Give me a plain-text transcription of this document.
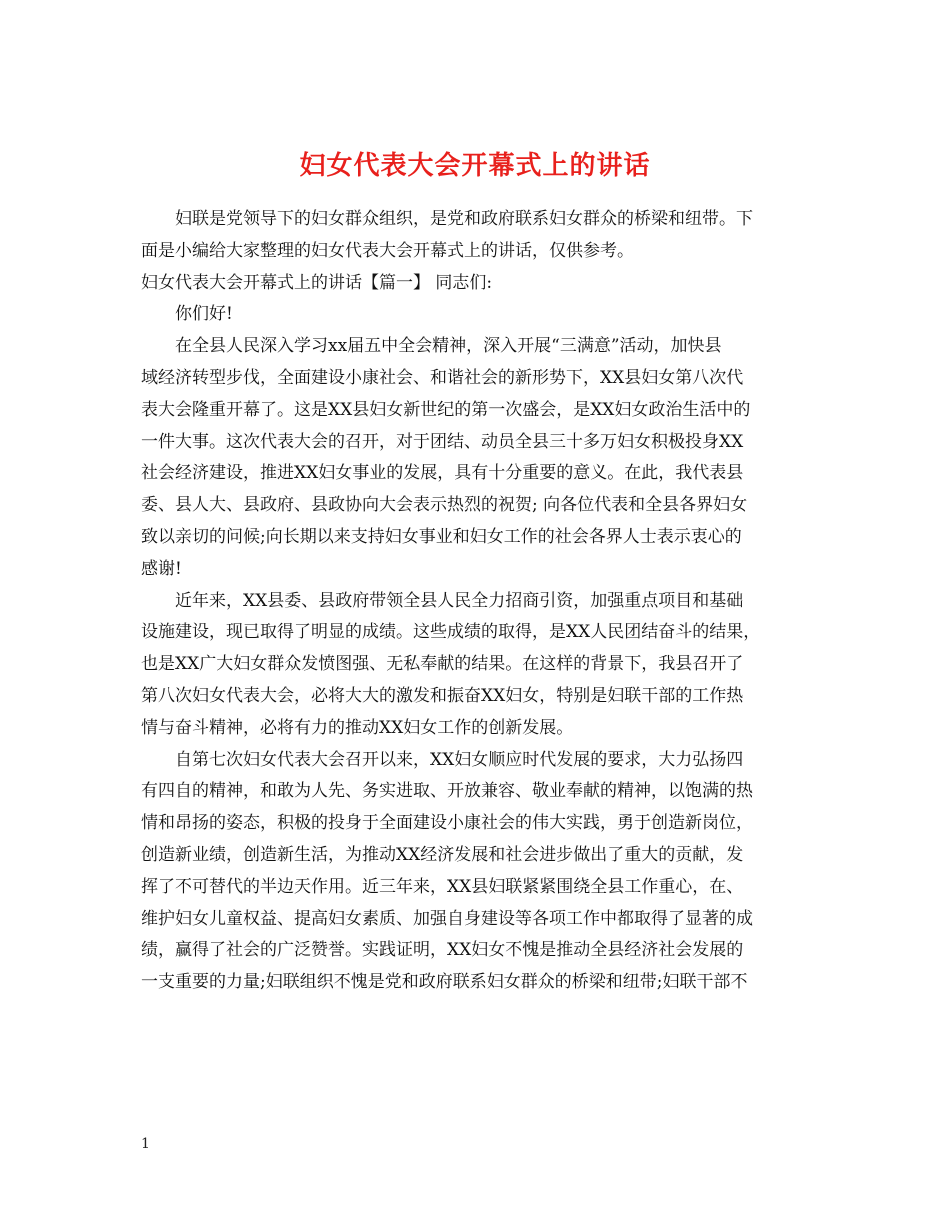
妇女代表大会开幕式上的讲话
妇联是党领导下的妇女群众组织，是党和政府联系妇女群众的桥梁和纽带。下
面是小编给大家整理的妇女代表大会开幕式上的讲话，仅供参考。
妇女代表大会开幕式上的讲话【篇一】 同志们:
你们好!
在全县人民深入学习xx届五中全会精神，深入开展“三满意”活动，加快县
域经济转型步伐，全面建设小康社会、和谐社会的新形势下，XX县妇女第八次代
表大会隆重开幕了。这是XX县妇女新世纪的第一次盛会，是XX妇女政治生活中的
一件大事。这次代表大会的召开，对于团结、动员全县三十多万妇女积极投身XX
社会经济建设，推进XX妇女事业的发展，具有十分重要的意义。在此，我代表县
委、县人大、县政府、县政协向大会表示热烈的祝贺; 向各位代表和全县各界妇女
致以亲切的问候;向长期以来支持妇女事业和妇女工作的社会各界人士表示衷心的
感谢!
近年来，XX县委、县政府带领全县人民全力招商引资，加强重点项目和基础
设施建设，现已取得了明显的成绩。这些成绩的取得，是XX人民团结奋斗的结果，
也是XX广大妇女群众发愤图强、无私奉献的结果。在这样的背景下，我县召开了
第八次妇女代表大会，必将大大的激发和振奋XX妇女，特别是妇联干部的工作热
情与奋斗精神，必将有力的推动XX妇女工作的创新发展。
自第七次妇女代表大会召开以来，XX妇女顺应时代发展的要求，大力弘扬四
有四自的精神，和敢为人先、务实进取、开放兼容、敬业奉献的精神，以饱满的热
情和昂扬的姿态，积极的投身于全面建设小康社会的伟大实践，勇于创造新岗位，
创造新业绩，创造新生活，为推动XX经济发展和社会进步做出了重大的贡献，发
挥了不可替代的半边天作用。近三年来，XX县妇联紧紧围绕全县工作重心，在、
维护妇女儿童权益、提高妇女素质、加强自身建设等各项工作中都取得了显著的成
绩，赢得了社会的广泛赞誉。实践证明，XX妇女不愧是推动全县经济社会发展的
一支重要的力量;妇联组织不愧是党和政府联系妇女群众的桥梁和纽带;妇联干部不
1
